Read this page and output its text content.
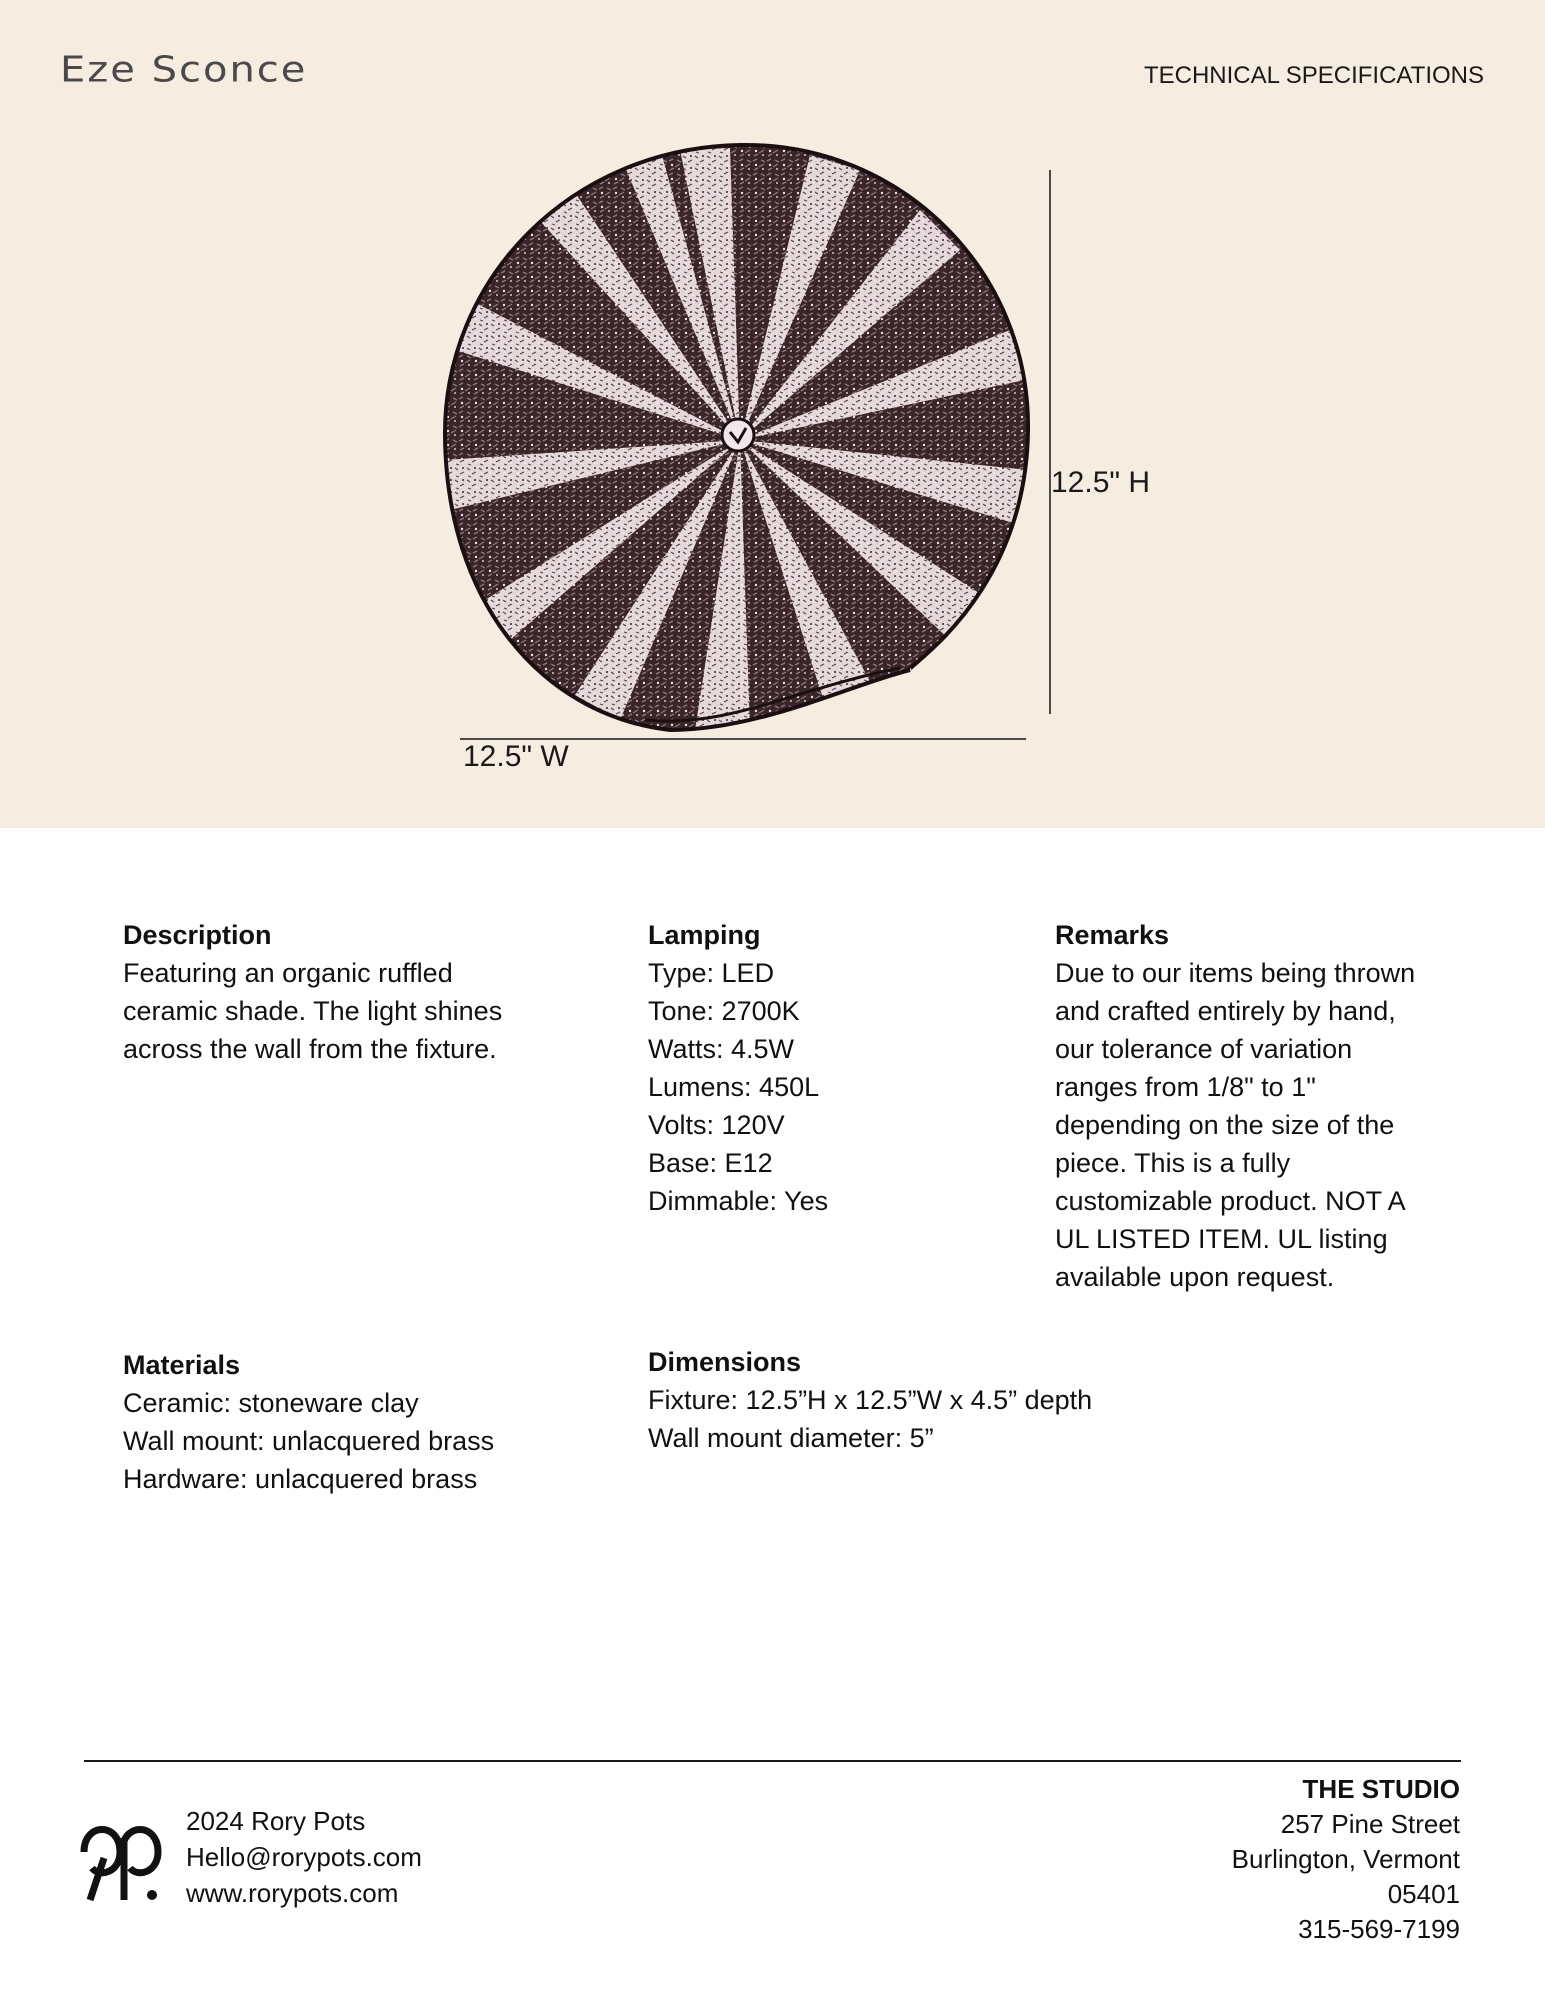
Eze Sconce	TECHNICAL SPECIFICATIONS
12.5" H
12.5" W
Description

Featuring an organic ruffled ceramic shade. The light shines across the wall from the fixture.

Lamping
Type: LED
Tone: 2700K
Watts: 4.5W
Lumens: 450L
Volts: 120V
Base: E12
Dimmable: Yes
Remarks

Due to our items being thrown and crafted entirely by hand, our tolerance of variation ranges from 1/8" to 1" depending on the size of the piece. This is a fully customizable product. NOT A UL LISTED ITEM. UL listing available upon request.

Materials
Ceramic: stoneware clay
Wall mount: unlacquered brass
Hardware: unlacquered brass
Dimensions
Fixture: 12.5”H x 12.5”W x 4.5” depth
Wall mount diameter: 5”
2024 Rory Pots
Hello@rorypots.com
www.rorypots.com
THE STUDIO
257 Pine Street
Burlington, Vermont
05401
315-569-7199
